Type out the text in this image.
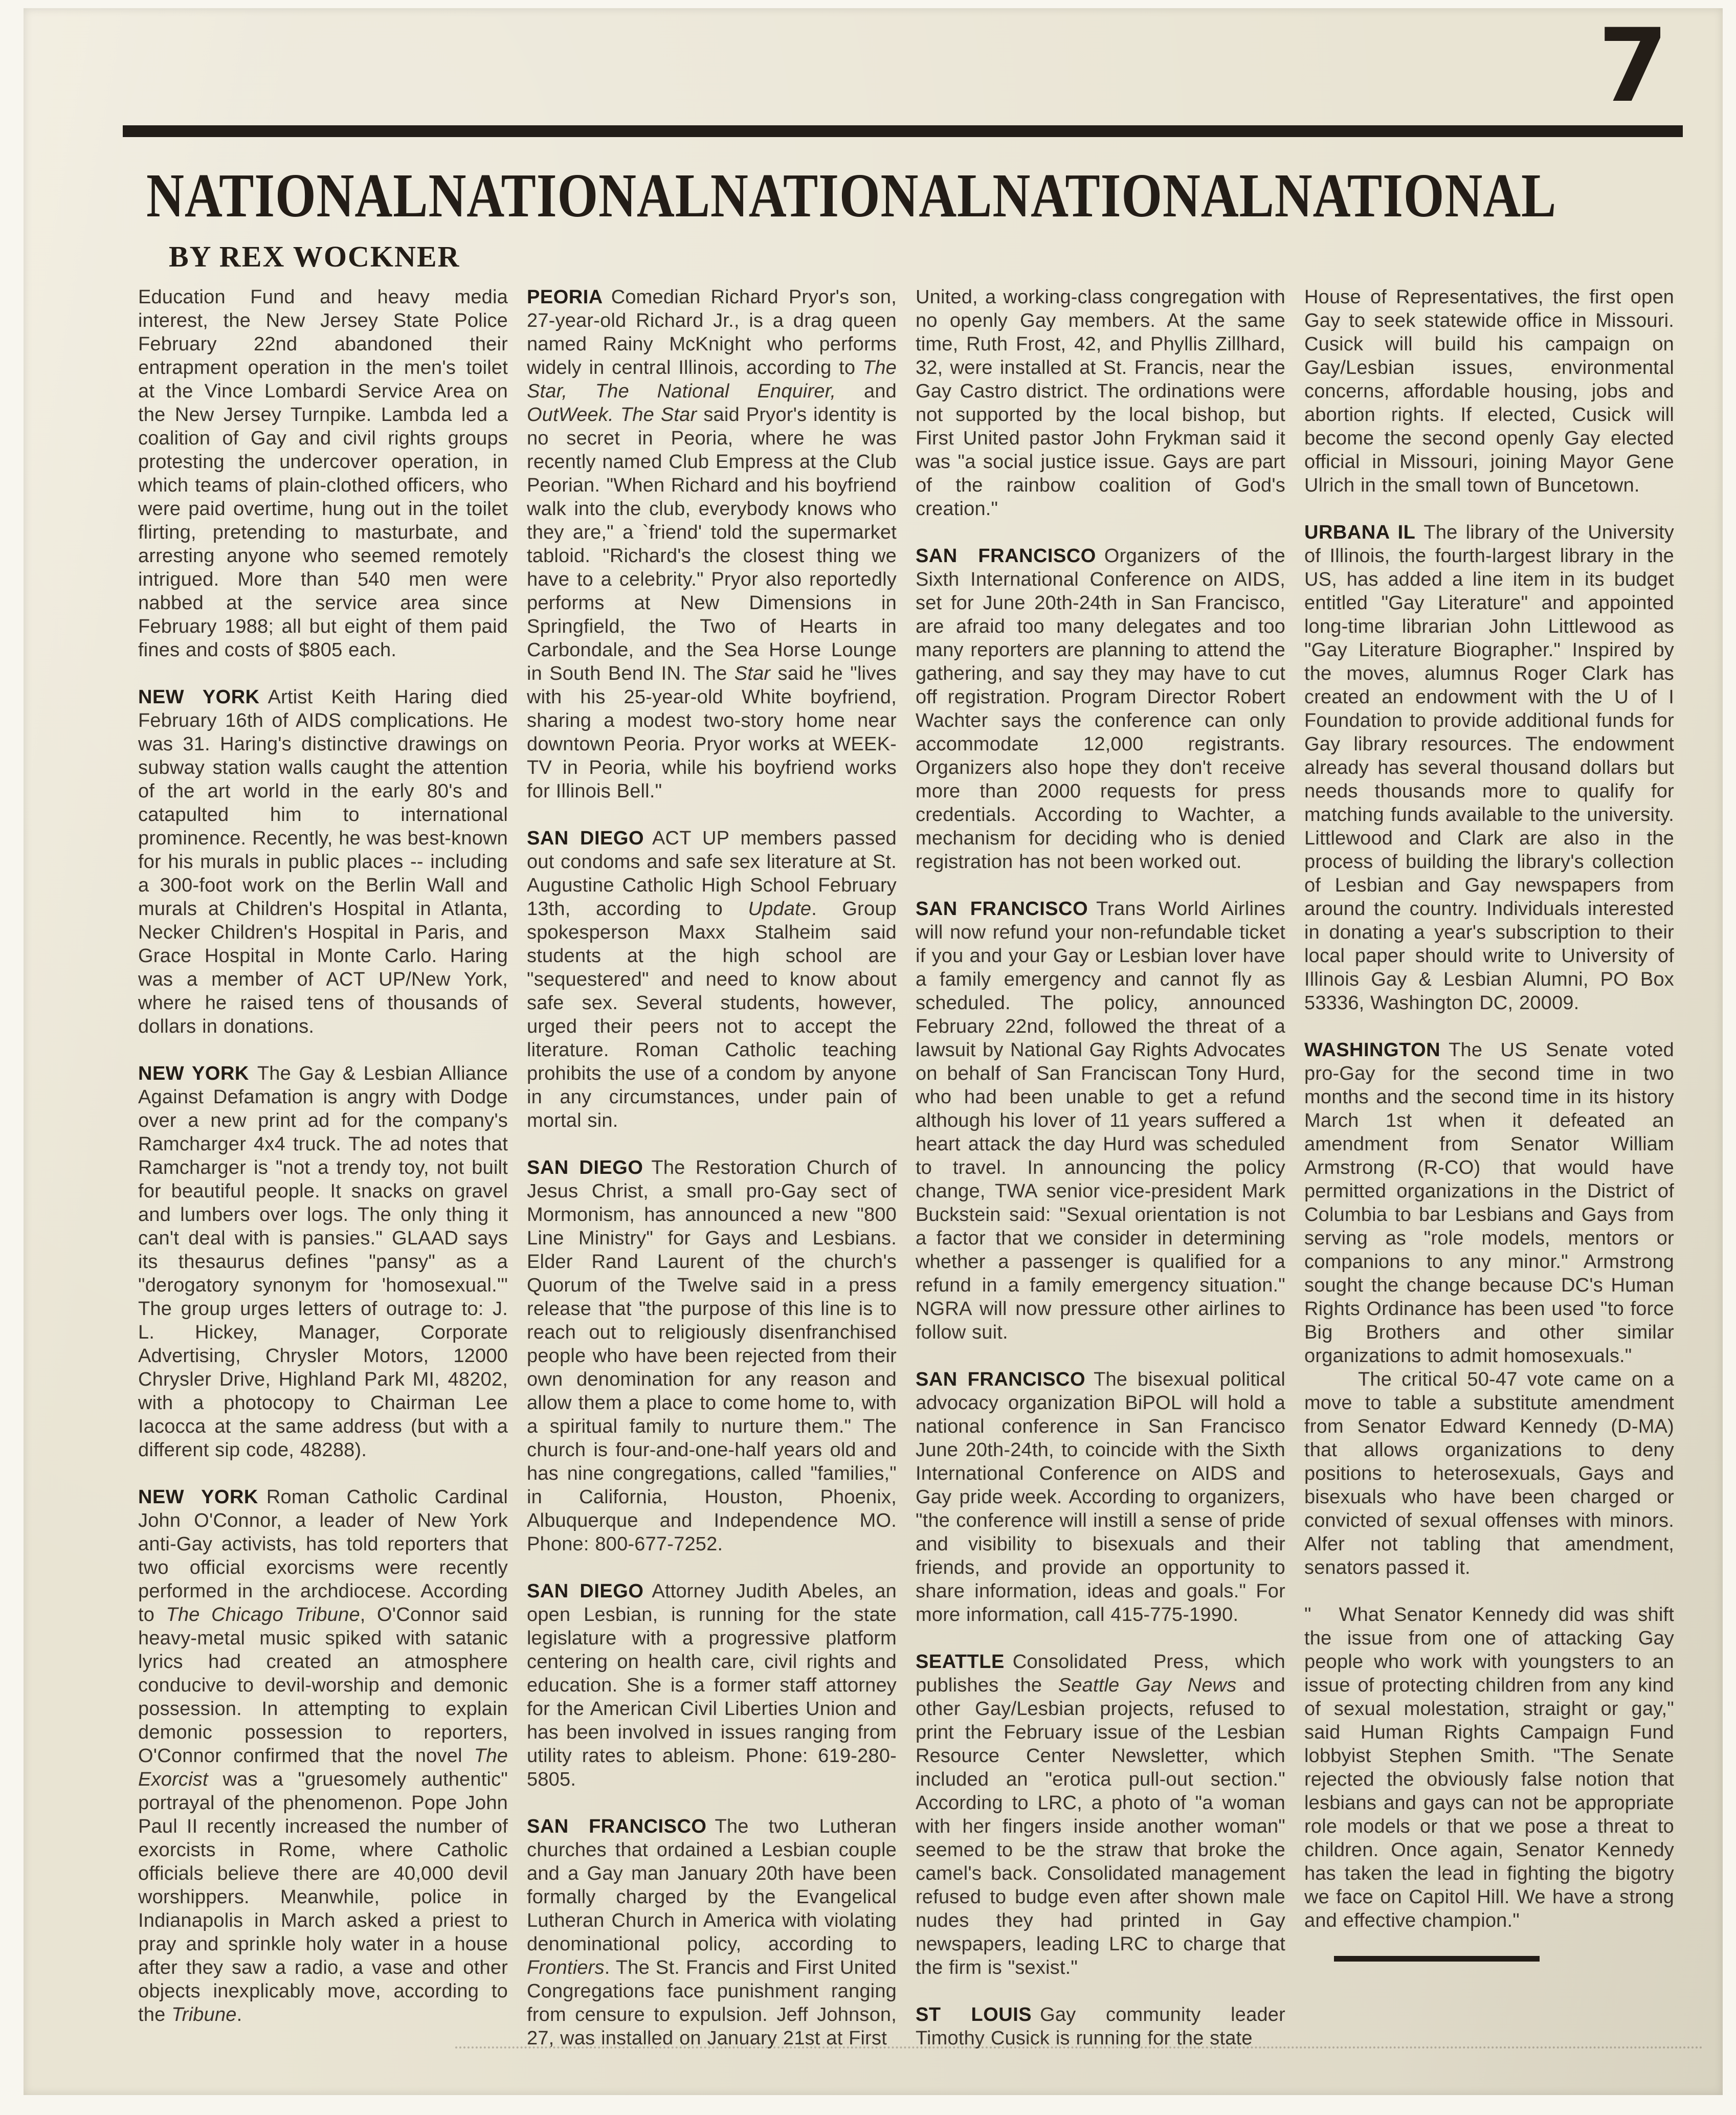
7
NATIONALNATIONALNATIONALNATIONALNATIONAL
BY REX WOCKNER

Education Fund and heavy media interest, the New Jersey State Police February 22nd abandoned their entrapment operation in the men's toilet at the Vince Lombardi Service Area on the New Jersey Turnpike. Lambda led a coalition of Gay and civil rights groups protesting the undercover operation, in which teams of plain-clothed officers, who were paid overtime, hung out in the toilet flirting, pretending to masturbate, and arresting anyone who seemed remotely intrigued. More than 540 men were nabbed at the service area since February 1988; all but eight of them paid fines and costs of $805 each.

NEW YORK Artist Keith Haring died February 16th of AIDS complications. He was 31. Haring's distinctive drawings on subway station walls caught the attention of the art world in the early 80's and catapulted him to international prominence. Recently, he was best-known for his murals in public places -- including a 300-foot work on the Berlin Wall and murals at Children's Hospital in Atlanta, Necker Children's Hospital in Paris, and Grace Hospital in Monte Carlo. Haring was a member of ACT UP/New York, where he raised tens of thousands of dollars in donations.

NEW YORK The Gay & Lesbian Alliance Against Defamation is angry with Dodge over a new print ad for the company's Ramcharger 4x4 truck. The ad notes that Ramcharger is "not a trendy toy, not built for beautiful people. It snacks on gravel and lumbers over logs. The only thing it can't deal with is pansies." GLAAD says its thesaurus defines "pansy" as a "derogatory synonym for 'homosexual.'" The group urges letters of outrage to: J. L. Hickey, Manager, Corporate Advertising, Chrysler Motors, 12000 Chrysler Drive, Highland Park MI, 48202, with a photocopy to Chairman Lee Iacocca at the same address (but with a different sip code, 48288).

NEW YORK Roman Catholic Cardinal John O'Connor, a leader of New York anti-Gay activists, has told reporters that two official exorcisms were recently performed in the archdiocese. According to The Chicago Tribune, O'Connor said heavy-metal music spiked with satanic lyrics had created an atmosphere conducive to devil-worship and demonic possession. In attempting to explain demonic possession to reporters, O'Connor confirmed that the novel The Exorcist was a "gruesomely authentic" portrayal of the phenomenon. Pope John Paul II recently increased the number of exorcists in Rome, where Catholic officials believe there are 40,000 devil worshippers. Meanwhile, police in Indianapolis in March asked a priest to pray and sprinkle holy water in a house after they saw a radio, a vase and other objects inexplicably move, according to the Tribune.

PEORIA Comedian Richard Pryor's son, 27-year-old Richard Jr., is a drag queen named Rainy McKnight who performs widely in central Illinois, according to The Star, The National Enquirer, and OutWeek. The Star said Pryor's identity is no secret in Peoria, where he was recently named Club Empress at the Club Peorian. "When Richard and his boyfriend walk into the club, everybody knows who they are," a `friend' told the supermarket tabloid. "Richard's the closest thing we have to a celebrity." Pryor also reportedly performs at New Dimensions in Springfield, the Two of Hearts in Carbondale, and the Sea Horse Lounge in South Bend IN. The Star said he "lives with his 25-year-old White boyfriend, sharing a modest two-story home near downtown Peoria. Pryor works at WEEK-TV in Peoria, while his boyfriend works for Illinois Bell."

SAN DIEGO ACT UP members passed out condoms and safe sex literature at St. Augustine Catholic High School February 13th, according to Update. Group spokesperson Maxx Stalheim said students at the high school are "sequestered" and need to know about safe sex. Several students, however, urged their peers not to accept the literature. Roman Catholic teaching prohibits the use of a condom by anyone in any circumstances, under pain of mortal sin.

SAN DIEGO The Restoration Church of Jesus Christ, a small pro-Gay sect of Mormonism, has announced a new "800 Line Ministry" for Gays and Lesbians. Elder Rand Laurent of the church's Quorum of the Twelve said in a press release that "the purpose of this line is to reach out to religiously disenfranchised people who have been rejected from their own denomination for any reason and allow them a place to come home to, with a spiritual family to nurture them." The church is four-and-one-half years old and has nine congregations, called "families," in California, Houston, Phoenix, Albuquerque and Independence MO. Phone: 800-677-7252.

SAN DIEGO Attorney Judith Abeles, an open Lesbian, is running for the state legislature with a progressive platform centering on health care, civil rights and education. She is a former staff attorney for the American Civil Liberties Union and has been involved in issues ranging from utility rates to ableism. Phone: 619-280-5805.

SAN FRANCISCO The two Lutheran churches that ordained a Lesbian couple and a Gay man January 20th have been formally charged by the Evangelical Lutheran Church in America with violating denominational policy, according to Frontiers. The St. Francis and First United Congregations face punishment ranging from censure to expulsion. Jeff Johnson, 27, was installed on January 21st at First

United, a working-class congregation with no openly Gay members. At the same time, Ruth Frost, 42, and Phyllis Zillhard, 32, were installed at St. Francis, near the Gay Castro district. The ordinations were not supported by the local bishop, but First United pastor John Frykman said it was "a social justice issue. Gays are part of the rainbow coalition of God's creation."

SAN FRANCISCO Organizers of the Sixth International Conference on AIDS, set for June 20th-24th in San Francisco, are afraid too many delegates and too many reporters are planning to attend the gathering, and say they may have to cut off registration. Program Director Robert Wachter says the conference can only accommodate 12,000 registrants. Organizers also hope they don't receive more than 2000 requests for press credentials. According to Wachter, a mechanism for deciding who is denied registration has not been worked out.

SAN FRANCISCO Trans World Airlines will now refund your non-refundable ticket if you and your Gay or Lesbian lover have a family emergency and cannot fly as scheduled. The policy, announced February 22nd, followed the threat of a lawsuit by National Gay Rights Advocates on behalf of San Franciscan Tony Hurd, who had been unable to get a refund although his lover of 11 years suffered a heart attack the day Hurd was scheduled to travel. In announcing the policy change, TWA senior vice-president Mark Buckstein said: "Sexual orientation is not a factor that we consider in determining whether a passenger is qualified for a refund in a family emergency situation." NGRA will now pressure other airlines to follow suit.

SAN FRANCISCO The bisexual political advocacy organization BiPOL will hold a national conference in San Francisco June 20th-24th, to coincide with the Sixth International Conference on AIDS and Gay pride week. According to organizers, "the conference will instill a sense of pride and visibility to bisexuals and their friends, and provide an opportunity to share information, ideas and goals." For more information, call 415-775-1990.

SEATTLE Consolidated Press, which publishes the Seattle Gay News and other Gay/Lesbian projects, refused to print the February issue of the Lesbian Resource Center Newsletter, which included an "erotica pull-out section." According to LRC, a photo of "a woman with her fingers inside another woman" seemed to be the straw that broke the camel's back. Consolidated management refused to budge even after shown male nudes they had printed in Gay newspapers, leading LRC to charge that the firm is "sexist."

ST LOUIS Gay community leader Timothy Cusick is running for the state

House of Representatives, the first open Gay to seek statewide office in Missouri. Cusick will build his campaign on Gay/Lesbian issues, environmental concerns, affordable housing, jobs and abortion rights. If elected, Cusick will become the second openly Gay elected official in Missouri, joining Mayor Gene Ulrich in the small town of Buncetown.

URBANA IL The library of the University of Illinois, the fourth-largest library in the US, has added a line item in its budget entitled "Gay Literature" and appointed long-time librarian John Littlewood as "Gay Literature Biographer." Inspired by the moves, alumnus Roger Clark has created an endowment with the U of I Foundation to provide additional funds for Gay library resources. The endowment already has several thousand dollars but needs thousands more to qualify for matching funds available to the university. Littlewood and Clark are also in the process of building the library's collection of Lesbian and Gay newspapers from around the country. Individuals interested in donating a year's subscription to their local paper should write to University of Illinois Gay & Lesbian Alumni, PO Box 53336, Washington DC, 20009.

WASHINGTON The US Senate voted pro-Gay for the second time in two months and the second time in its history March 1st when it defeated an amendment from Senator William Armstrong (R-CO) that would have permitted organizations in the District of Columbia to bar Lesbians and Gays from serving as "role models, mentors or companions to any minor." Armstrong sought the change because DC's Human Rights Ordinance has been used "to force Big Brothers and other similar organizations to admit homosexuals."

The critical 50-47 vote came on a move to table a substitute amendment from Senator Edward Kennedy (D-MA) that allows organizations to deny positions to heterosexuals, Gays and bisexuals who have been charged or convicted of sexual offenses with minors. Alfer not tabling that amendment, senators passed it.

"   What Senator Kennedy did was shift the issue from one of attacking Gay people who work with youngsters to an issue of protecting children from any kind of sexual molestation, straight or gay," said Human Rights Campaign Fund lobbyist Stephen Smith. "The Senate rejected the obviously false notion that lesbians and gays can not be appropriate role models or that we pose a threat to children. Once again, Senator Kennedy has taken the lead in fighting the bigotry we face on Capitol Hill. We have a strong and effective champion."
